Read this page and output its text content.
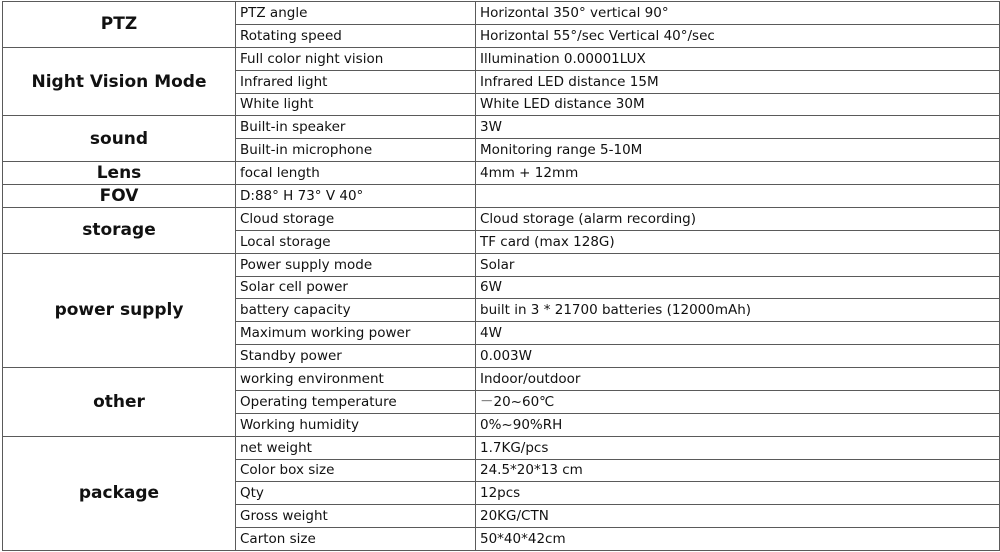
PTZ	PTZ angle	Horizontal 350° vertical 90°
	Rotating speed	Horizontal 55°/sec Vertical 40°/sec
Night Vision Mode	Full color night vision	Illumination 0.00001LUX
	Infrared light	Infrared LED distance 15M
	White light	White LED distance 30M
sound	Built-in speaker	3W
	Built-in microphone	Monitoring range 5-10M
Lens	focal length	4mm + 12mm
FOV	D:88° H 73° V 40°	
storage	Cloud storage	Cloud storage (alarm recording)
	Local storage	TF card (max 128G)
power supply	Power supply mode	Solar
	Solar cell power	6W
	battery capacity	built in 3 * 21700 batteries (12000mAh)
	Maximum working power	4W
	Standby power	0.003W
other	working environment	Indoor/outdoor
	Operating temperature	－20~60℃
	Working humidity	0%~90%RH
package	net weight	1.7KG/pcs
	Color box size	24.5*20*13 cm
	Qty	12pcs
	Gross weight	20KG/CTN
	Carton size	50*40*42cm
